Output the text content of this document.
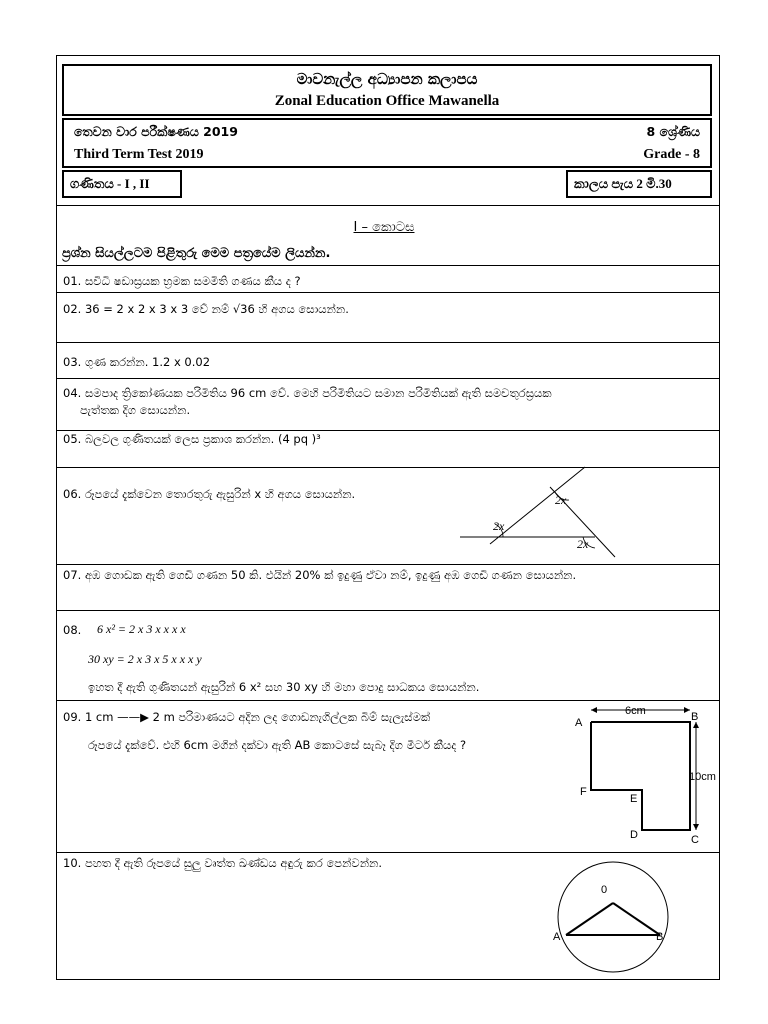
මාවනැල්ල අධ්‍යාපන කලාපය
Zonal Education Office Mawanella
තෙවන වාර පරීක්ෂණය 2019	8 ශ්‍රේණිය
Third Term Test 2019	Grade - 8
ගණිතය - I , II	කාලය පැය 2 මි.30
I – කොටස
ප්‍රශ්න සියල්ලටම පිළිතුරු මෙම පත්‍රයේම ලියන්න.
01. සවිධි ෂඩාස්‍රයක භ්‍රමක සමමිති ගණය කීය ද ?
02. 36 = 2 x 2 x 3 x 3 වේ නම් √36 හි අගය සොයන්න.
03. ගුණ කරන්න. 1.2 x 0.02
04. සමපාද ත්‍රිකෝණයක පරිමිතිය 96 cm වේ. මෙහි පරිමිතියට සමාන පරිමිතියක් ඇති සමචතුරස්‍රයක
පැත්තක දිග සොයන්න.
05. බලවල ගුණිතයක් ලෙස ප්‍රකාශ කරන්න. (4 pq )³
06. රූපයේ දැක්වෙන තොරතුරු ඇසුරින් x හි අගය සොයන්න.
07. අඹ ගොඩක ඇති ගෙඩි ගණන 50 කි. එයින් 20% ක් ඉදුණු ඒවා නම්, ඉදුණු අඹ ගෙඩි ගණන සොයන්න.
08. 6 x² = 2 x 3 x x x x
30 xy = 2 x 3 x 5 x x x y
ඉහත දී ඇති ගුණිතයන් ඇසුරින් 6 x² සහ 30 xy හි මහා පොදු සාධකය සොයන්න.
09. 1 cm ——▶ 2 m පරිමාණයට අදින ලද ගොඩනැගිල්ලක බිම් සැලැස්මක්
රූපයේ දැක්වේ. එහි 6cm මගින් දක්වා ඇති AB කොටසේ සැබෑ දිග මීටර් කීයද ?
10. පහත දී ඇති රූපයේ සුලු වෘත්ත ඛණ්ඩය අඳුරු කර පෙන්වන්න.
2x
2x
2x
6cm
10cm
A	B
C
D
E
F
0
A	B
